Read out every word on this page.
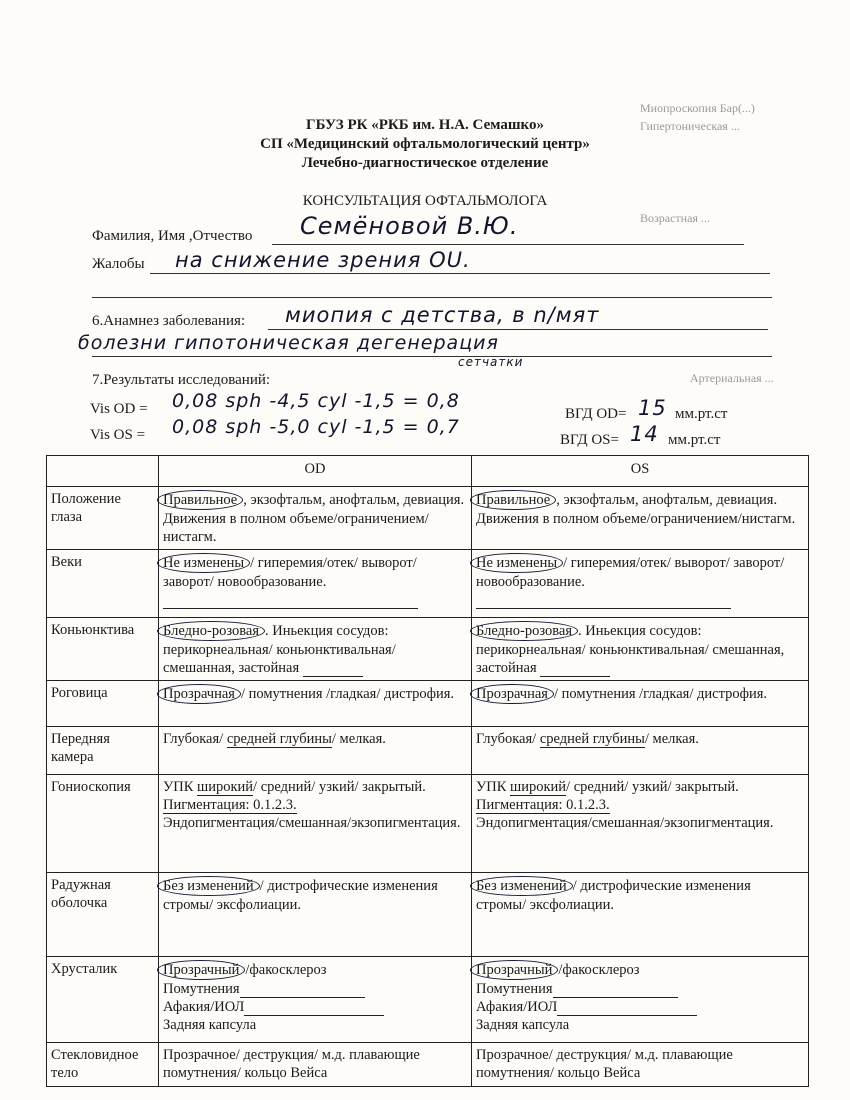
Миопроскопия Бар(...)
Гипертоническая ...
Возрастная ...
Артериальная ...
ГБУЗ РК «РКБ им. Н.А. Семашко»
СП «Медицинский офтальмологический центр»
Лечебно-диагностическое отделение
КОНСУЛЬТАЦИЯ ОФТАЛЬМОЛОГА
Фамилия, Имя ,Отчество Семёновой В.Ю.
Жалобы на снижение зрения OU.
6.Анамнез заболевания: миопия с детства, в n/мят
болезни гипотоническая дегенерация
сетчатки
7.Результаты исследований:
Vis OD = 0,08 sph -4,5 cyl -1,5 = 0,8
Vis OS = 0,08 sph -5,0 cyl -1,5 = 0,7
ВГД OD= 15 мм.рт.ст
ВГД OS= 14 мм.рт.ст
	OD	OS
Положение глаза	Правильное , экзофтальм, анофтальм, девиация. Движения в полном объеме/ограничением/нистагм.	Правильное , экзофтальм, анофтальм, девиация. Движения в полном объеме/ограничением/нистагм.
Веки	Не изменены / гиперемия/отек/ выворот/ заворот/ новообразование.	Не изменены / гиперемия/отек/ выворот/ заворот/ новообразование.

Коньюнктива	Бледно-розовая . Иньекция сосудов: перикорнеальная/ коньюнктивальная/ смешанная, застойная	Бледно-розовая . Иньекция сосудов: перикорнеальная/ коньюнктивальная/ смешанная, застойная
Роговица	Прозрачная / помутнения /гладкая/ дистрофия.	Прозрачная / помутнения /гладкая/ дистрофия.
Передняя камера	Глубокая/ средней глубины/ мелкая.	Глубокая/ средней глубины/ мелкая.
Гониоскопия	УПК широкий/ средний/ узкий/ закрытый.
Пигментация: 0.1.2.3.
Эндопигментация/смешанная/экзопигментация.	УПК широкий/ средний/ узкий/ закрытый.
Пигментация: 0.1.2.3.
Эндопигментация/смешанная/экзопигментация.
Радужная оболочка	Без изменений / дистрофические изменения стромы/ эксфолиации.	Без изменений / дистрофические изменения стромы/ эксфолиации.
Хрусталик	Прозрачный /факосклероз
Помутнения
Афакия/ИОЛ
Задняя капсула	Прозрачный /факосклероз
Помутнения
Афакия/ИОЛ
Задняя капсула
Стекловидное тело	Прозрачное/ деструкция/ м.д. плавающие помутнения/ кольцо Вейса	Прозрачное/ деструкция/ м.д. плавающие помутнения/ кольцо Вейса
